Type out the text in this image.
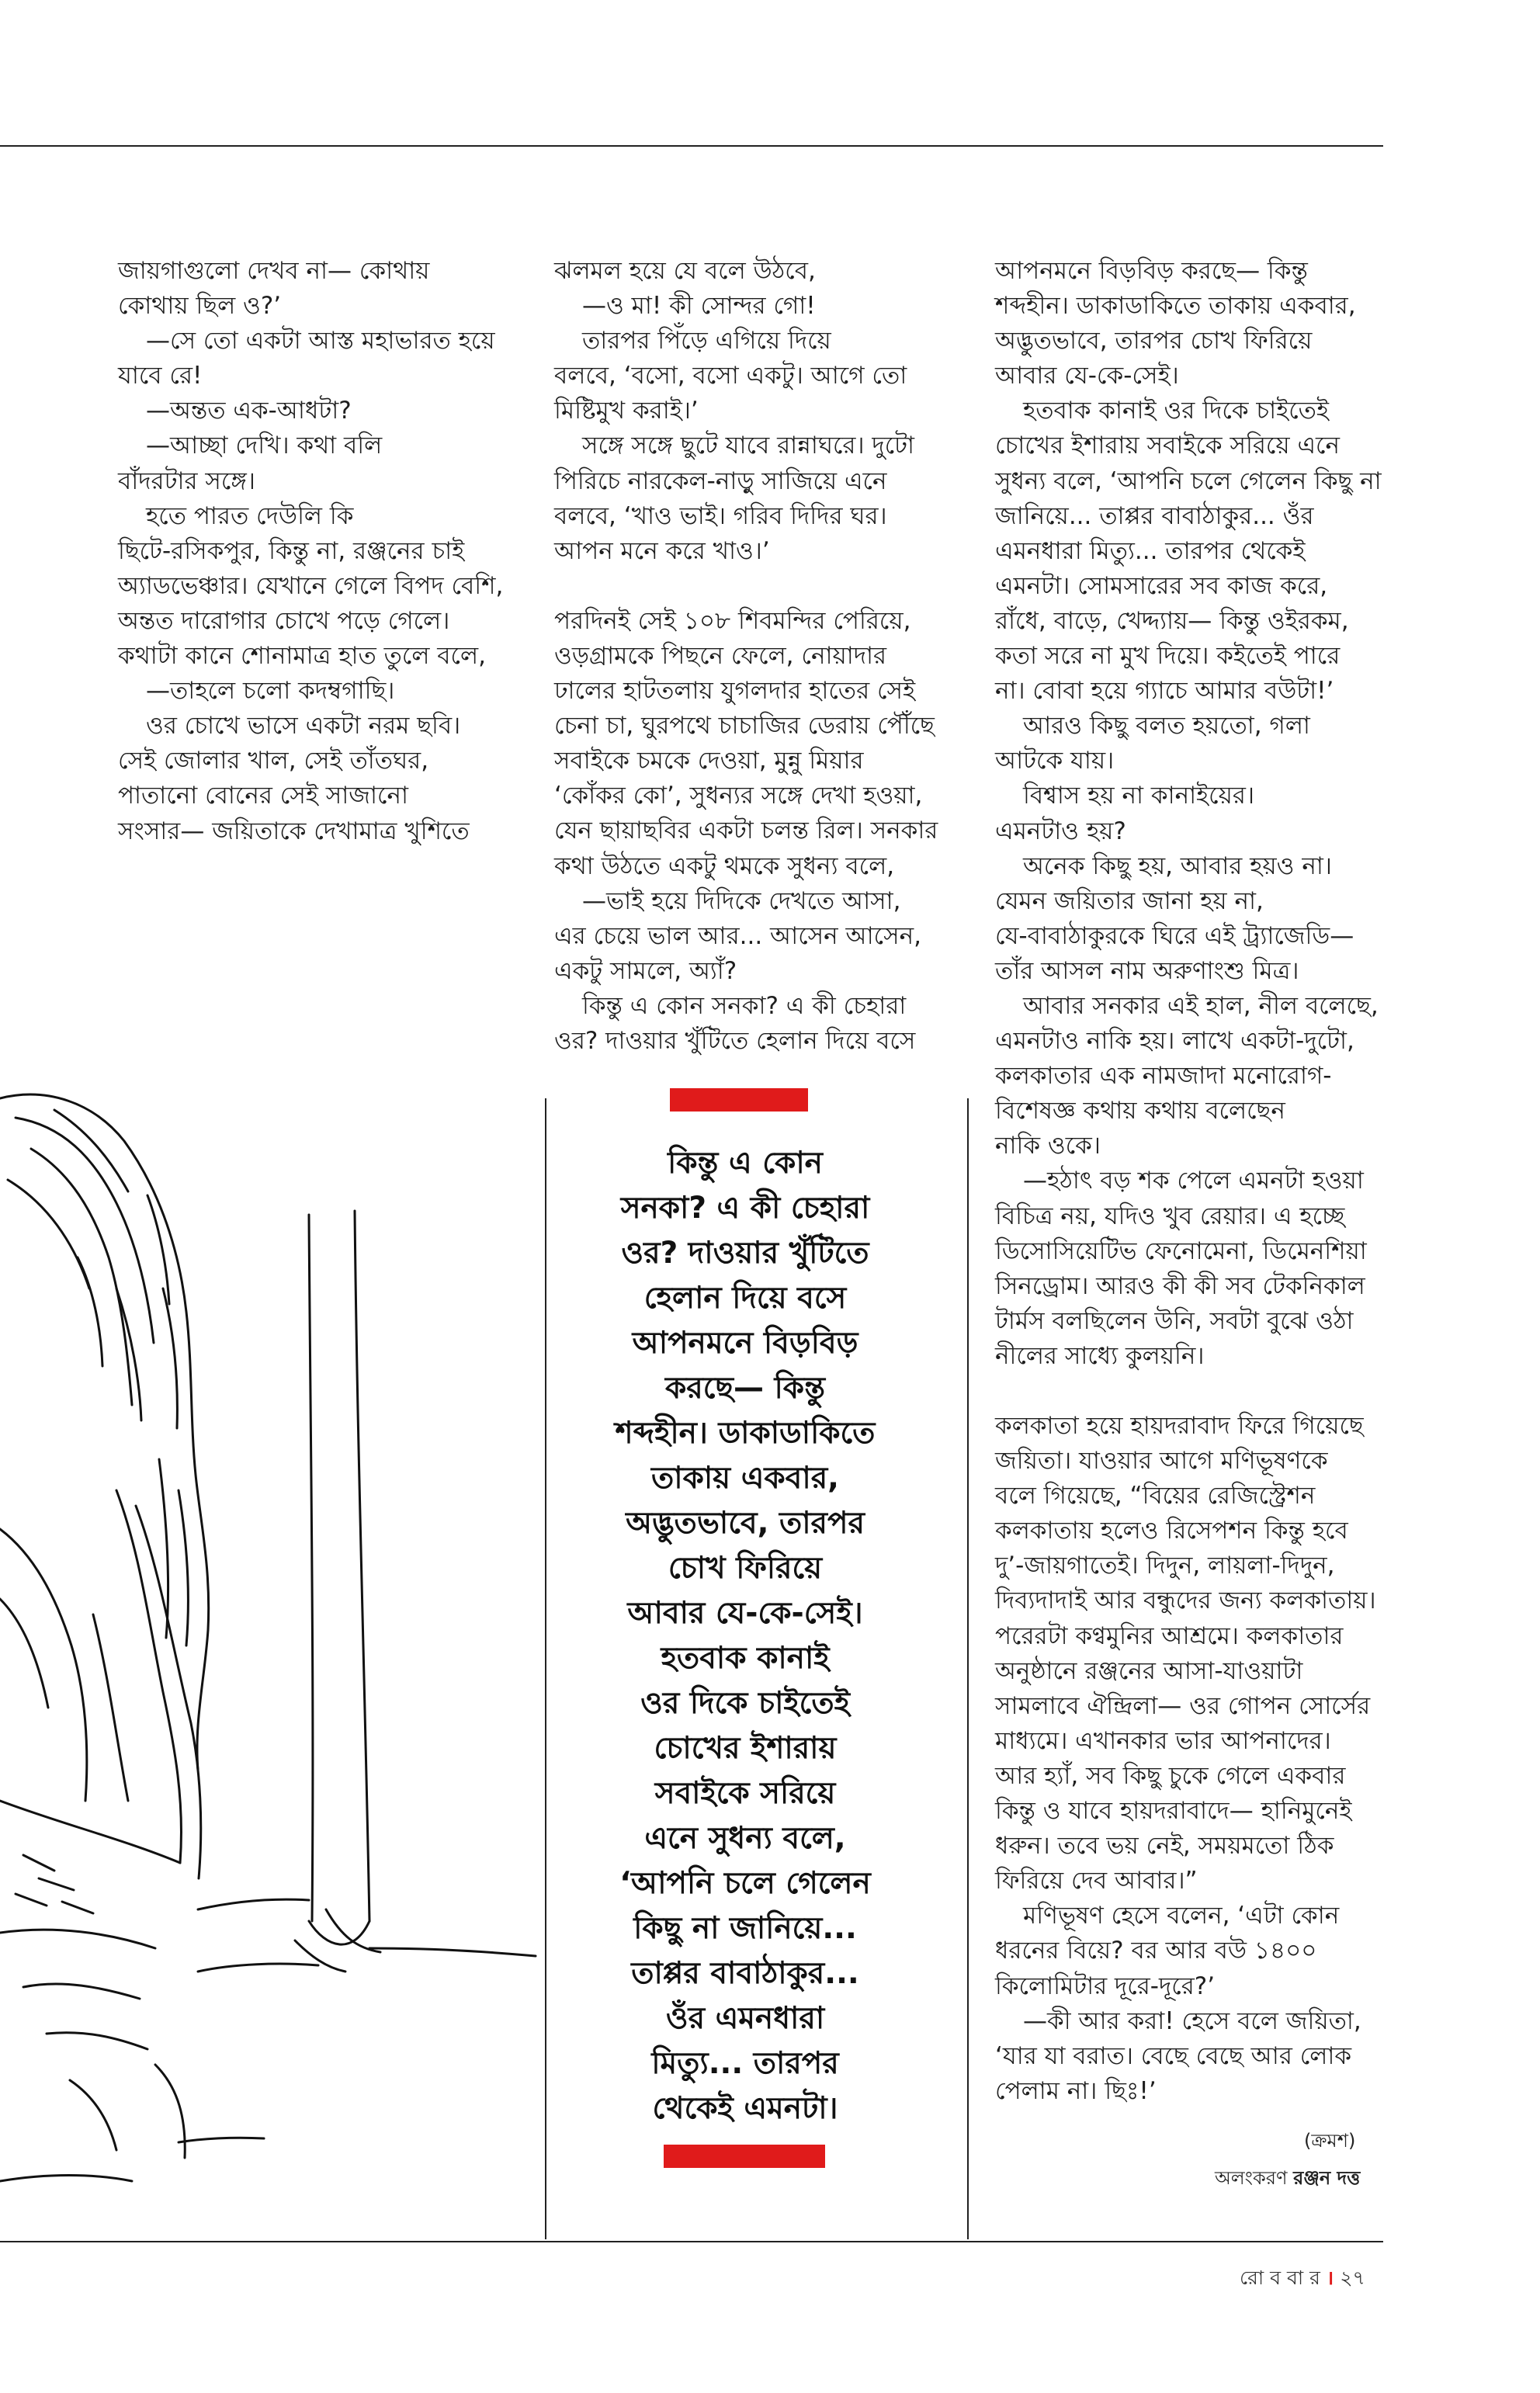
জায়গাগুলো দেখব না— কোথায়
কোথায় ছিল ও?’
—সে তো একটা আস্ত মহাভারত হয়ে
যাবে রে!
—অন্তত এক-আধটা?
—আচ্ছা দেখি। কথা বলি
বাঁদরটার সঙ্গে।
হতে পারত দেউলি কি
ছিটে-রসিকপুর, কিন্তু না, রঞ্জনের চাই
অ্যাডভেঞ্চার। যেখানে গেলে বিপদ বেশি,
অন্তত দারোগার চোখে পড়ে গেলে।
কথাটা কানে শোনামাত্র হাত তুলে বলে,
—তাহলে চলো কদম্বগাছি।
ওর চোখে ভাসে একটা নরম ছবি।
সেই জোলার খাল, সেই তাঁতঘর,
পাতানো বোনের সেই সাজানো
সংসার— জয়িতাকে দেখামাত্র খুশিতে
ঝলমল হয়ে যে বলে উঠবে,
—ও মা! কী সোন্দর গো!
তারপর পিঁড়ে এগিয়ে দিয়ে
বলবে, ‘বসো, বসো একটু। আগে তো
মিষ্টিমুখ করাই।’
সঙ্গে সঙ্গে ছুটে যাবে রান্নাঘরে। দুটো
পিরিচে নারকেল-নাড়ু সাজিয়ে এনে
বলবে, ‘খাও ভাই। গরিব দিদির ঘর।
আপন মনে করে খাও।’
পরদিনই সেই ১০৮ শিবমন্দির পেরিয়ে,
ওড়গ্রামকে পিছনে ফেলে, নোয়াদার
ঢালের হাটতলায় যুগলদার হাতের সেই
চেনা চা, ঘুরপথে চাচাজির ডেরায় পৌঁছে
সবাইকে চমকে দেওয়া, মুন্নু মিয়ার
‘কোঁকর কো’, সুধন্যর সঙ্গে দেখা হওয়া,
যেন ছায়াছবির একটা চলন্ত রিল। সনকার
কথা উঠতে একটু থমকে সুধন্য বলে,
—ভাই হয়ে দিদিকে দেখতে আসা,
এর চেয়ে ভাল আর... আসেন আসেন,
একটু সামলে, অ্যাঁ?
কিন্তু এ কোন সনকা? এ কী চেহারা
ওর? দাওয়ার খুঁটিতে হেলান দিয়ে বসে
আপনমনে বিড়বিড় করছে— কিন্তু
শব্দহীন। ডাকাডাকিতে তাকায় একবার,
অদ্ভুতভাবে, তারপর চোখ ফিরিয়ে
আবার যে-কে-সেই।
হতবাক কানাই ওর দিকে চাইতেই
চোখের ইশারায় সবাইকে সরিয়ে এনে
সুধন্য বলে, ‘আপনি চলে গেলেন কিছু না
জানিয়ে... তাপ্পর বাবাঠাকুর... ওঁর
এমনধারা মিত্যু... তারপর থেকেই
এমনটা। সোমসারের সব কাজ করে,
রাঁধে, বাড়ে, খেদ্দ্যায়— কিন্তু ওইরকম,
কতা সরে না মুখ দিয়ে। কইতেই পারে
না। বোবা হয়ে গ্যাচে আমার বউটা!’
আরও কিছু বলত হয়তো, গলা
আটকে যায়।
বিশ্বাস হয় না কানাইয়ের।
এমনটাও হয়?
অনেক কিছু হয়, আবার হয়ও না।
যেমন জয়িতার জানা হয় না,
যে-বাবাঠাকুরকে ঘিরে এই ট্র্যাজেডি—
তাঁর আসল নাম অরুণাংশু মিত্র।
আবার সনকার এই হাল, নীল বলেছে,
এমনটাও নাকি হয়। লাখে একটা-দুটো,
কলকাতার এক নামজাদা মনোরোগ-
বিশেষজ্ঞ কথায় কথায় বলেছেন
নাকি ওকে।
—হঠাৎ বড় শক পেলে এমনটা হওয়া
বিচিত্র নয়, যদিও খুব রেয়ার। এ হচ্ছে
ডিসোসিয়েটিভ ফেনোমেনা, ডিমেনশিয়া
সিনড্রোম। আরও কী কী সব টেকনিকাল
টার্মস বলছিলেন উনি, সবটা বুঝে ওঠা
নীলের সাধ্যে কুলয়নি।
কলকাতা হয়ে হায়দরাবাদ ফিরে গিয়েছে
জয়িতা। যাওয়ার আগে মণিভূষণকে
বলে গিয়েছে, “বিয়ের রেজিস্ট্রেশন
কলকাতায় হলেও রিসেপশন কিন্তু হবে
দু’-জায়গাতেই। দিদুন, লায়লা-দিদুন,
দিব্যদাদাই আর বন্ধুদের জন্য কলকাতায়।
পরেরটা কণ্বমুনির আশ্রমে। কলকাতার
অনুষ্ঠানে রঞ্জনের আসা-যাওয়াটা
সামলাবে ঐন্দ্রিলা— ওর গোপন সোর্সের
মাধ্যমে। এখানকার ভার আপনাদের।
আর হ্যাঁ, সব কিছু চুকে গেলে একবার
কিন্তু ও যাবে হায়দরাবাদে— হানিমুনেই
ধরুন। তবে ভয় নেই, সময়মতো ঠিক
ফিরিয়ে দেব আবার।”
মণিভূষণ হেসে বলেন, ‘এটা কোন
ধরনের বিয়ে? বর আর বউ ১৪০০
কিলোমিটার দূরে-দূরে?’
—কী আর করা! হেসে বলে জয়িতা,
‘যার যা বরাত। বেছে বেছে আর লোক
পেলাম না। ছিঃ!’
কিন্তু এ কোন
সনকা? এ কী চেহারা
ওর? দাওয়ার খুঁটিতে
হেলান দিয়ে বসে
আপনমনে বিড়বিড়
করছে— কিন্তু
শব্দহীন। ডাকাডাকিতে
তাকায় একবার,
অদ্ভুতভাবে, তারপর
চোখ ফিরিয়ে
আবার যে-কে-সেই।
হতবাক কানাই
ওর দিকে চাইতেই
চোখের ইশারায়
সবাইকে সরিয়ে
এনে সুধন্য বলে,
‘আপনি চলে গেলেন
কিছু না জানিয়ে...
তাপ্পর বাবাঠাকুর...
ওঁর এমনধারা
মিত্যু... তারপর
থেকেই এমনটা।
(ক্রমশ)
অলংকরণ রঞ্জন দত্ত
রো ব বা র । ২৭
